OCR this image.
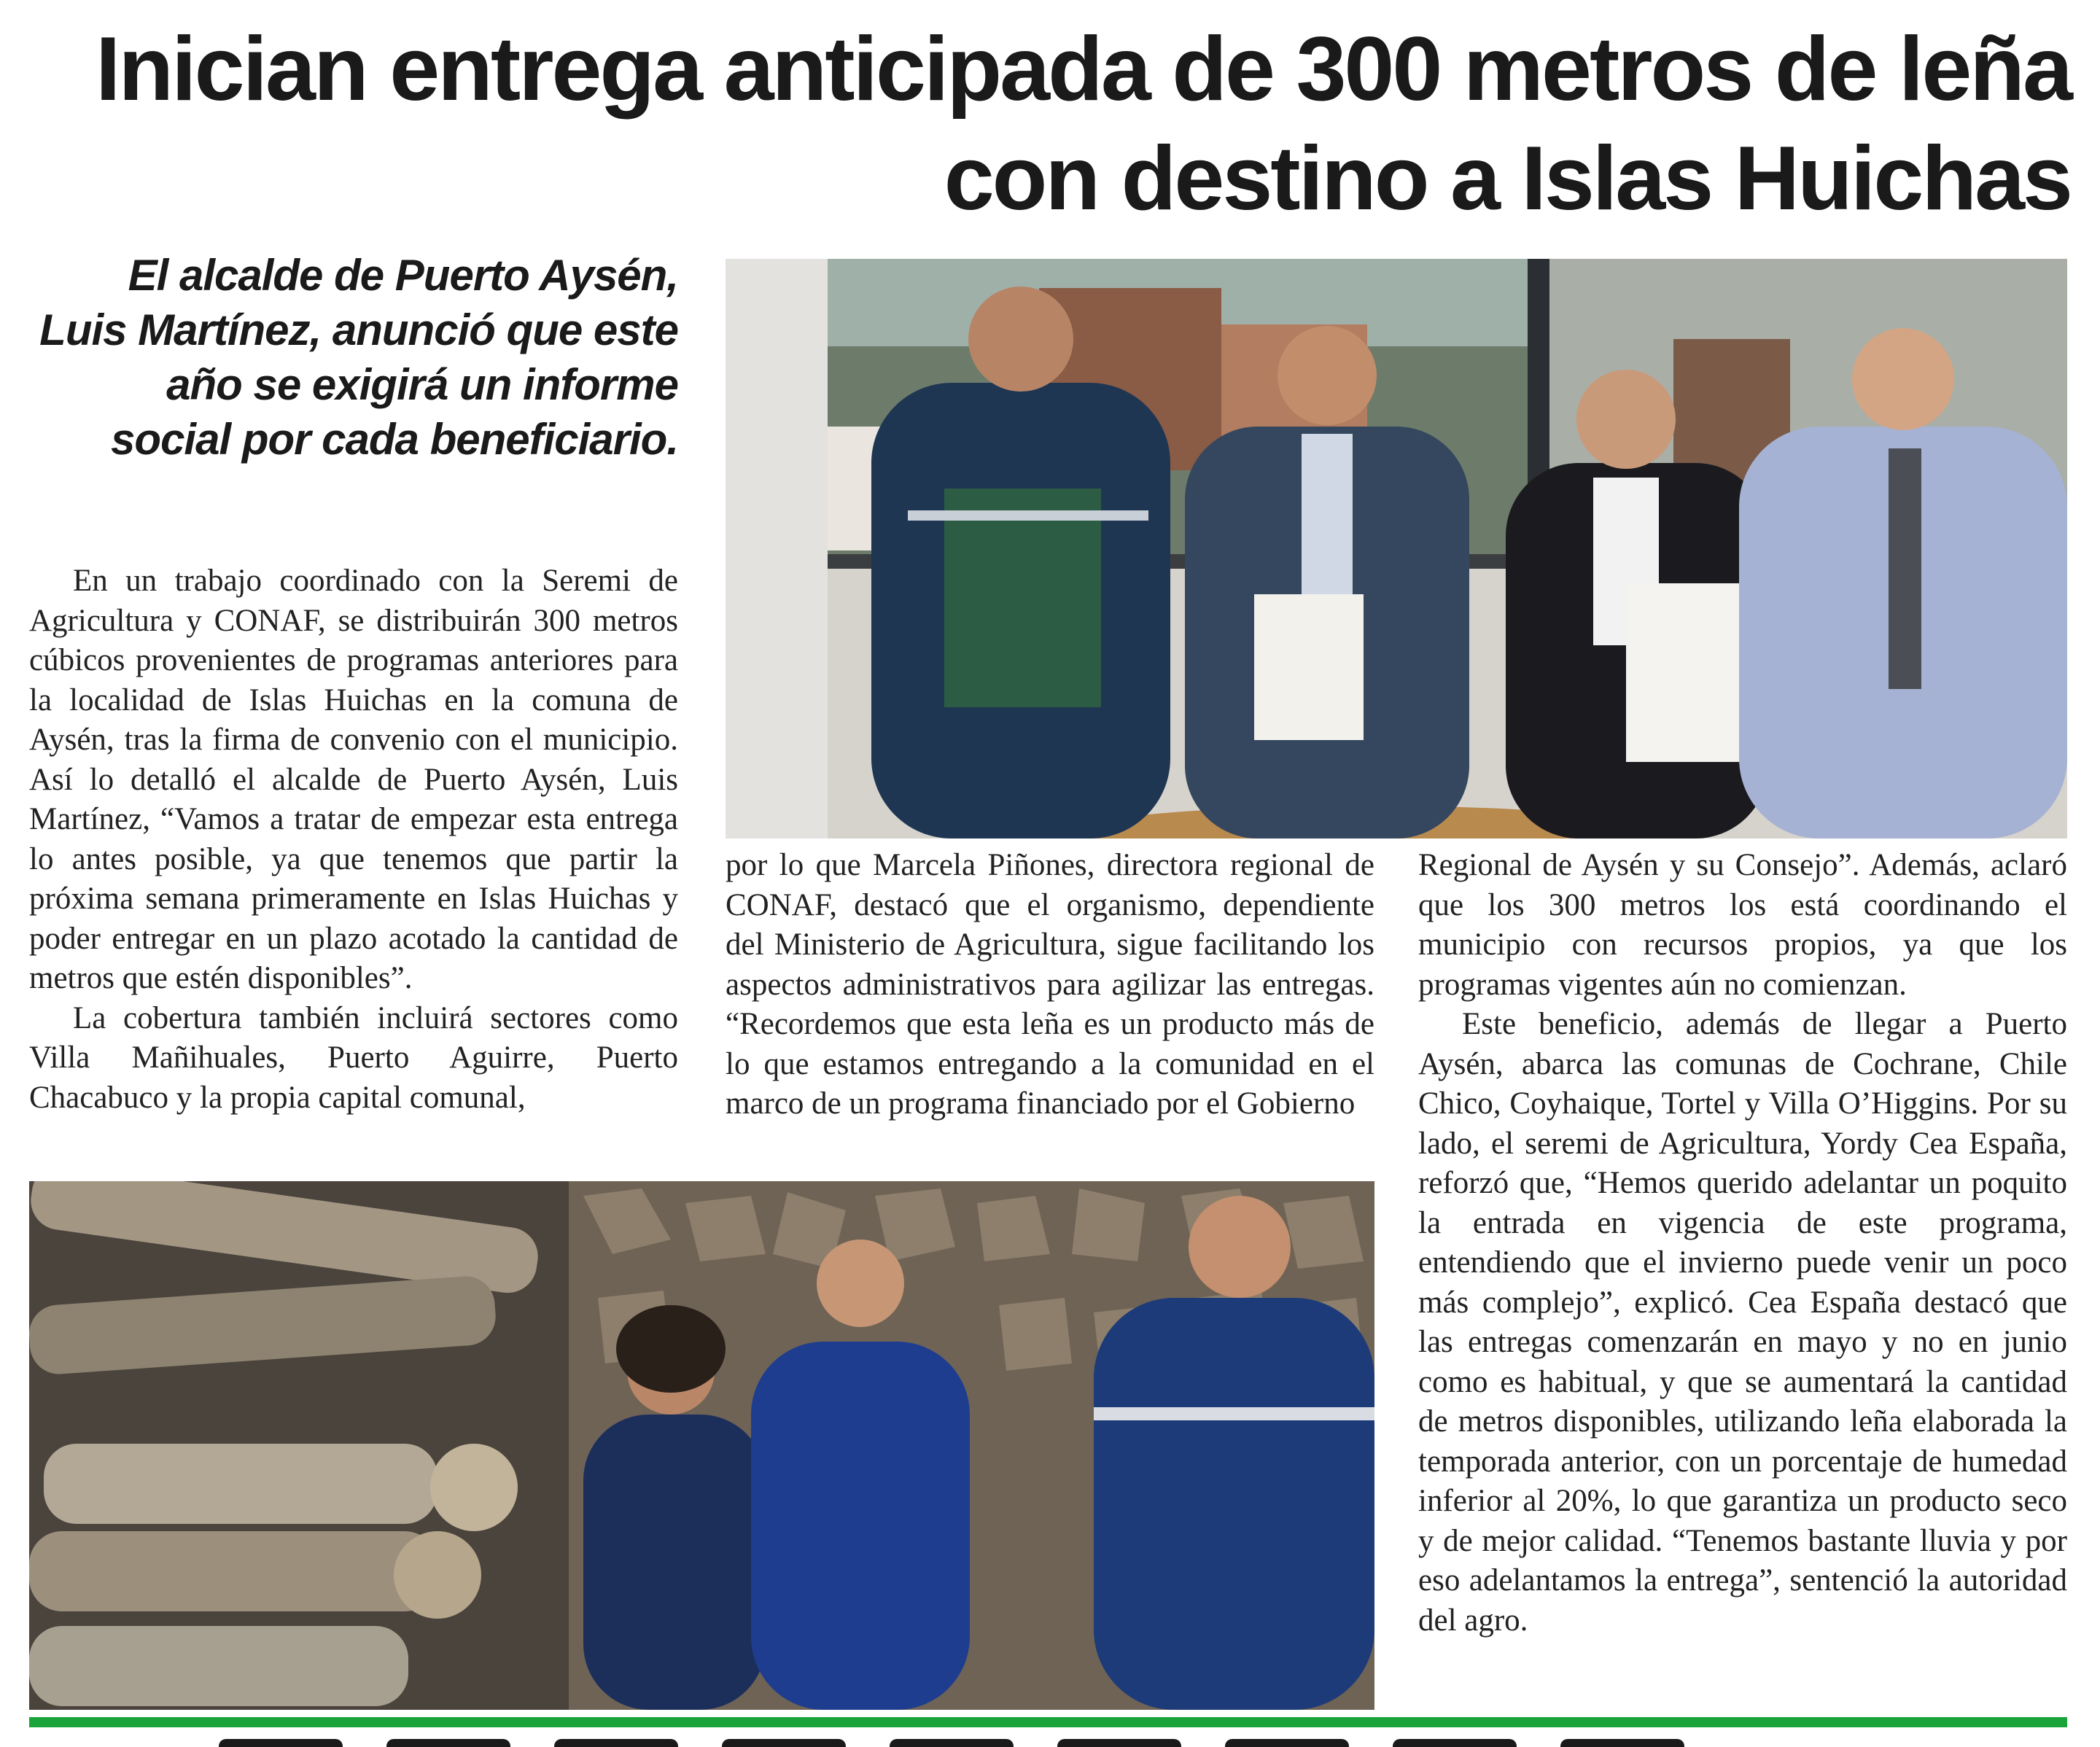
Inician entrega anticipada de 300 metros de leña con destino a Islas Huichas
El alcalde de Puerto Aysén, Luis Martínez, anunció que este año se exigirá un informe social por cada beneficiario.

En un trabajo coordinado con la Seremi de Agricultura y CONAF, se distribuirán 300 metros cúbicos provenientes de programas anteriores para la localidad de Islas Huichas en la comuna de Aysén, tras la firma de convenio con el municipio. Así lo detalló el alcalde de Puerto Aysén, Luis Martínez, “Vamos a tratar de empezar esta entrega lo antes posible, ya que tenemos que partir la próxima semana primeramente en Islas Huichas y poder entregar en un plazo acotado la cantidad de metros que estén disponibles”.

La cobertura también incluirá sectores como Villa Mañihuales, Puerto Aguirre, Puerto Chacabuco y la propia capital comunal,

por lo que Marcela Piñones, directora regional de CONAF, destacó que el organismo, dependiente del Ministerio de Agricultura, sigue facilitando los aspectos administrativos para agilizar las entregas. “Recordemos que esta leña es un producto más de lo que estamos entregando a la comunidad en el marco de un programa financiado por el Gobierno

Regional de Aysén y su Consejo”. Además, aclaró que los 300 metros los está coordinando el municipio con recursos propios, ya que los programas vigentes aún no comienzan.

Este beneficio, además de llegar a Puerto Aysén, abarca las comunas de Cochrane, Chile Chico, Coyhaique, Tortel y Villa O’Higgins. Por su lado, el seremi de Agricultura, Yordy Cea España, reforzó que, “Hemos querido adelantar un poquito la entrada en vigencia de este programa, entendiendo que el invierno puede venir un poco más complejo”, explicó. Cea España destacó que las entregas comenzarán en mayo y no en junio como es habitual, y que se aumentará la cantidad de metros disponibles, utilizando leña elaborada la temporada anterior, con un porcentaje de humedad inferior al 20%, lo que garantiza un producto seco y de mejor calidad. “Tenemos bastante lluvia y por eso adelantamos la entrega”, sentenció la autoridad del agro.
